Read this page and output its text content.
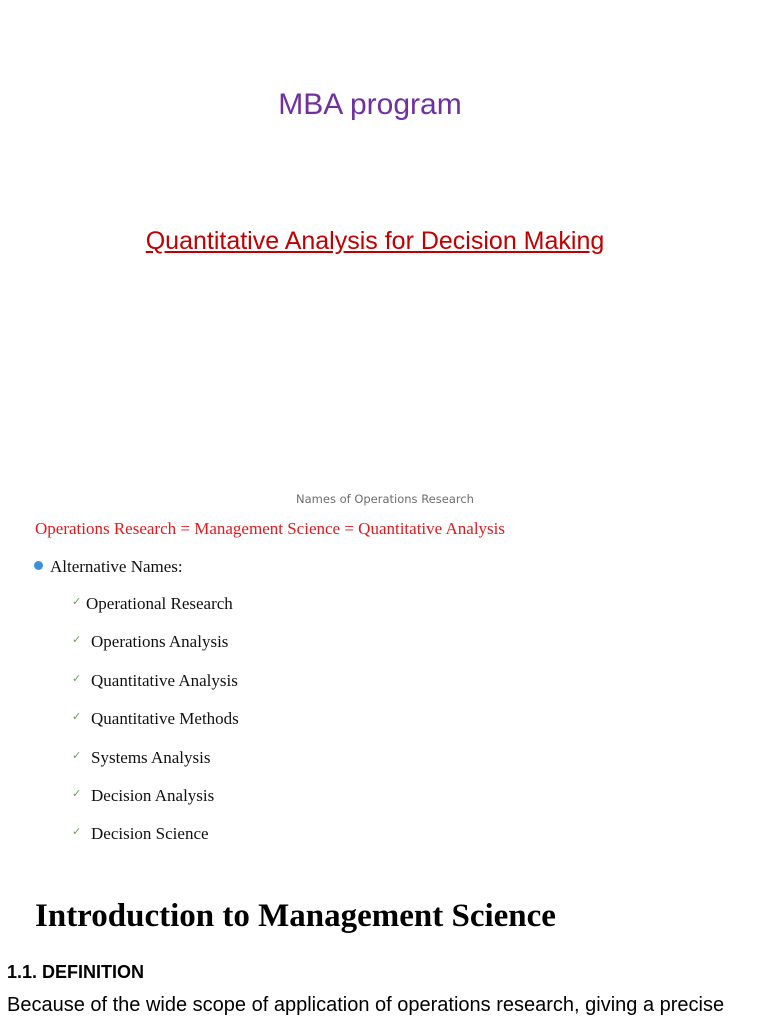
MBA program
Quantitative Analysis for Decision Making
Names of Operations Research
Operations Research = Management Science = Quantitative Analysis
Alternative Names:
✓ Operational Research
✓ Operations Analysis
✓ Quantitative Analysis
✓ Quantitative Methods
✓ Systems Analysis
✓ Decision Analysis
✓ Decision Science
Introduction to Management Science
1.1. DEFINITION
Because of the wide scope of application of operations research, giving a precise
